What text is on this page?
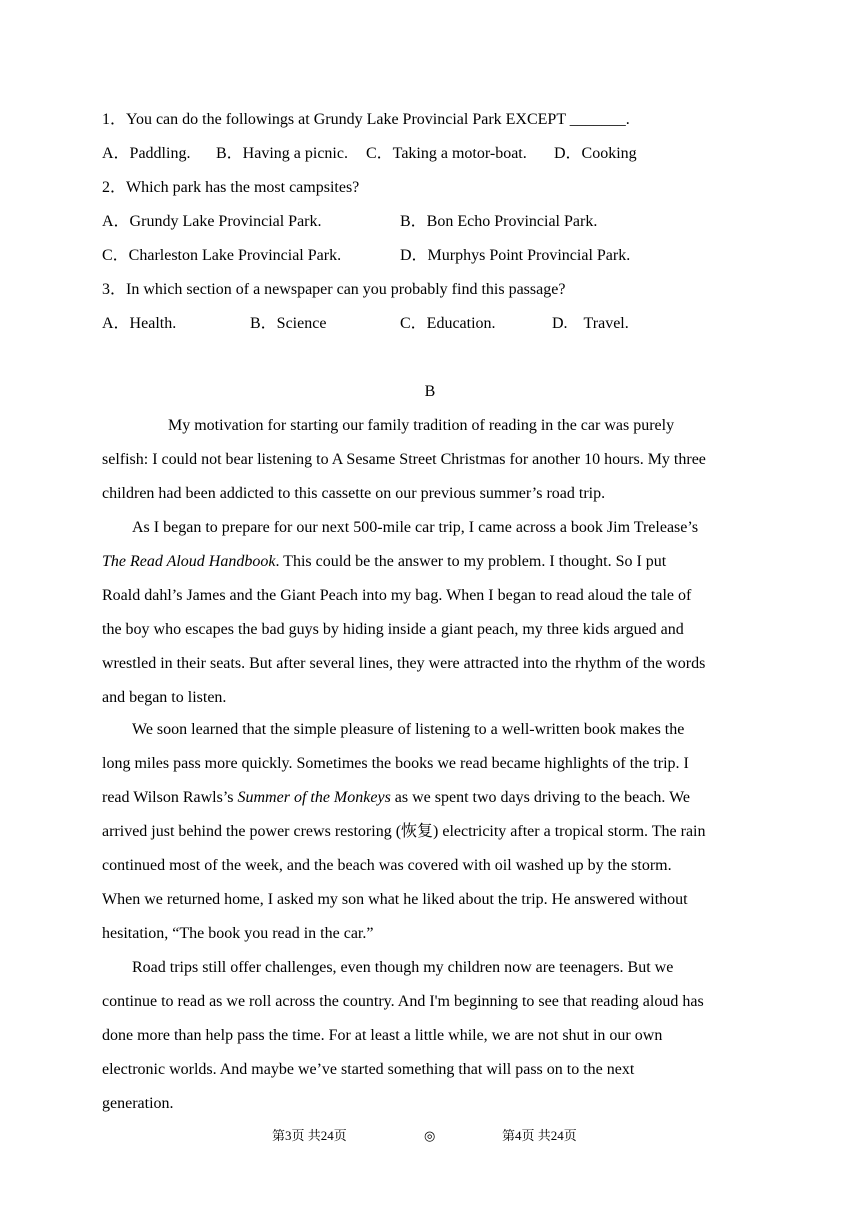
1．You can do the followings at Grundy Lake Provincial Park EXCEPT _______.
A．Paddling. B．Having a picnic. C．Taking a motor-boat. D．Cooking
2．Which park has the most campsites?
A．Grundy Lake Provincial Park.	B．Bon Echo Provincial Park.
C．Charleston Lake Provincial Park.	D．Murphys Point Provincial Park.
3．In which section of a newspaper can you probably find this passage?
A．Health.	B．Science	C．Education.	D.　Travel.
B
My motivation for starting our family tradition of reading in the car was purely
selfish: I could not bear listening to A Sesame Street Christmas for another 10 hours. My three
children had been addicted to this cassette on our previous summer’s road trip.
As I began to prepare for our next 500-mile car trip, I came across a book Jim Trelease’s
The Read Aloud Handbook. This could be the answer to my problem. I thought. So I put
Roald dahl’s James and the Giant Peach into my bag. When I began to read aloud the tale of
the boy who escapes the bad guys by hiding inside a giant peach, my three kids argued and
wrestled in their seats. But after several lines, they were attracted into the rhythm of the words
and began to listen.
We soon learned that the simple pleasure of listening to a well-written book makes the
long miles pass more quickly. Sometimes the books we read became highlights of the trip. I
read Wilson Rawls’s Summer of the Monkeys as we spent two days driving to the beach. We
arrived just behind the power crews restoring (恢复) electricity after a tropical storm. The rain
continued most of the week, and the beach was covered with oil washed up by the storm.
When we returned home, I asked my son what he liked about the trip. He answered without
hesitation, “The book you read in the car.”
Road trips still offer challenges, even though my children now are teenagers. But we
continue to read as we roll across the country. And I'm beginning to see that reading aloud has
done more than help pass the time. For at least a little while, we are not shut in our own
electronic worlds. And maybe we’ve started something that will pass on to the next
generation.
第3页 共24页	◎	第4页 共24页
